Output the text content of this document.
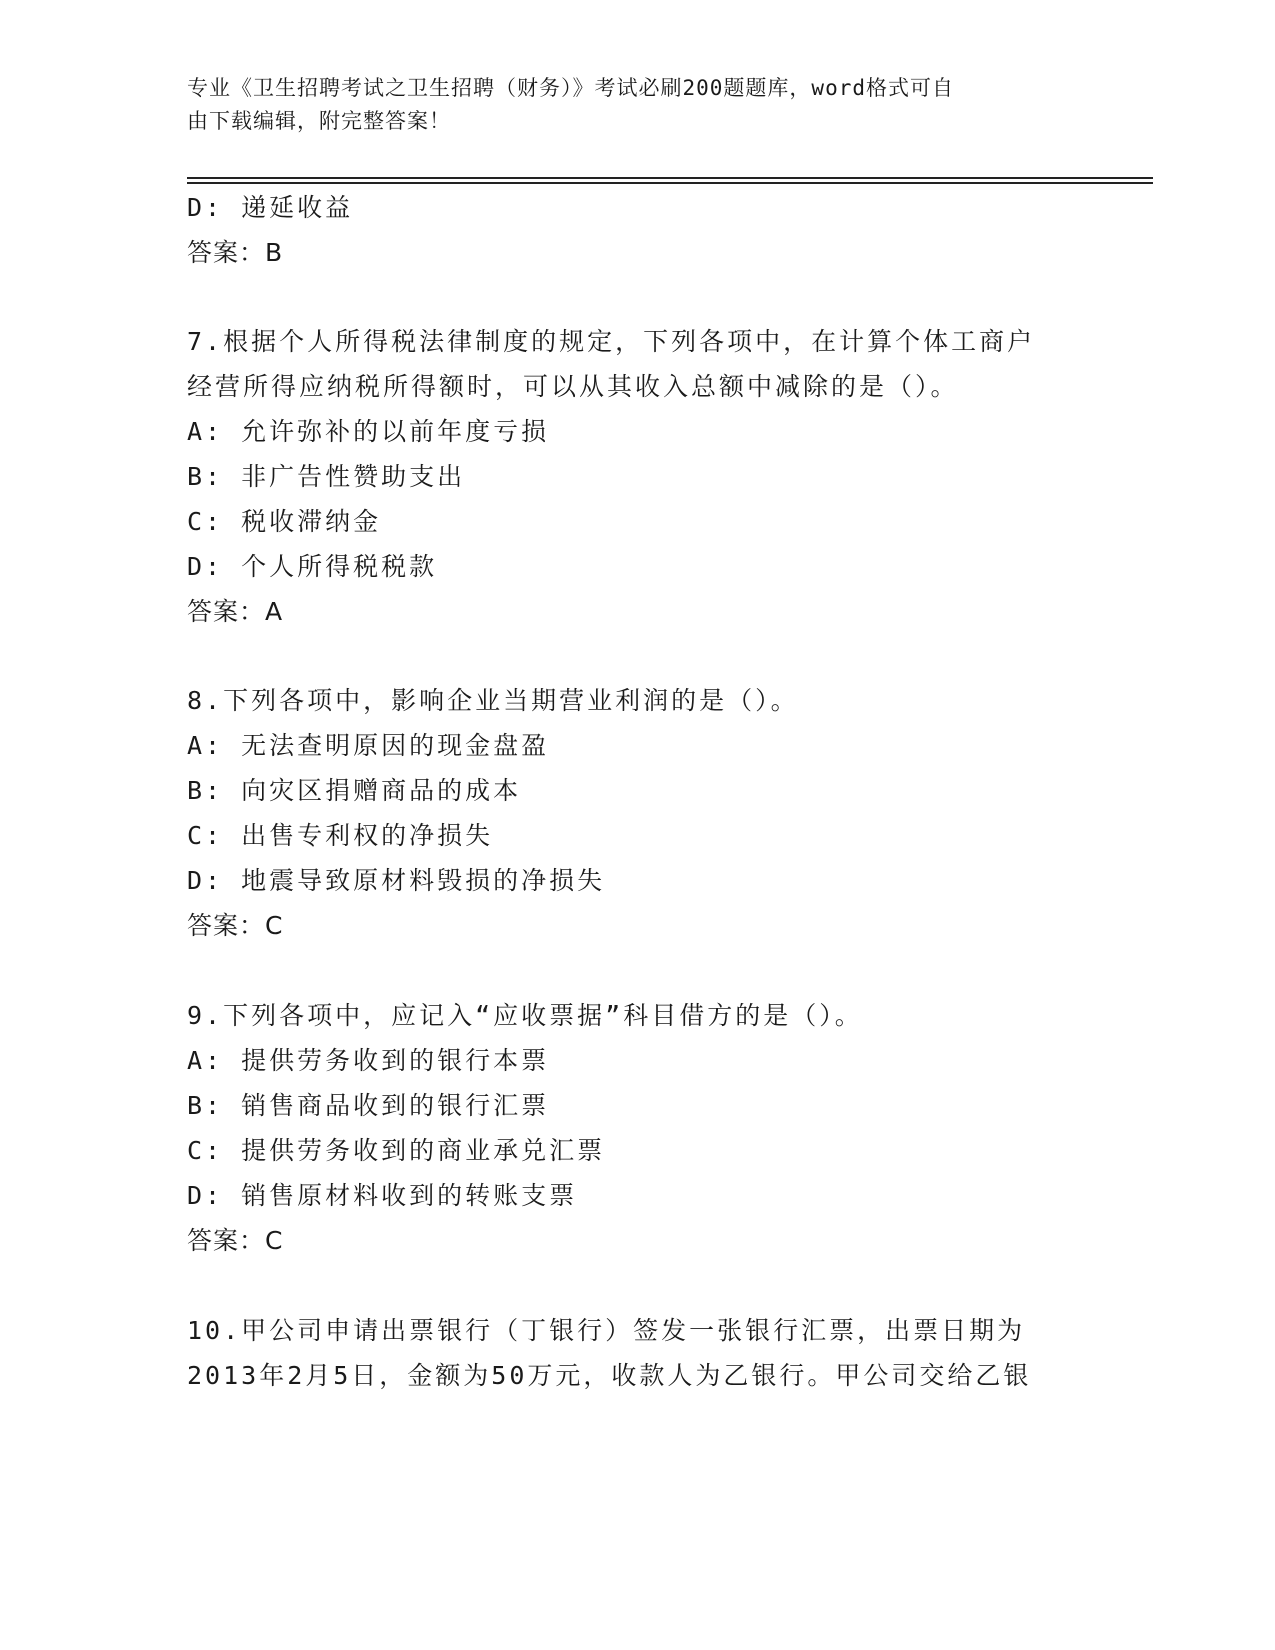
专业《卫生招聘考试之卫生招聘（财务）》考试必刷200题题库，word格式可自
由下载编辑，附完整答案！
D: 递延收益
答案：B
7.根据个人所得税法律制度的规定，下列各项中，在计算个体工商户
经营所得应纳税所得额时，可以从其收入总额中减除的是（）。
A: 允许弥补的以前年度亏损
B: 非广告性赞助支出
C: 税收滞纳金
D: 个人所得税税款
答案：A
8.下列各项中，影响企业当期营业利润的是（）。
A: 无法查明原因的现金盘盈
B: 向灾区捐赠商品的成本
C: 出售专利权的净损失
D: 地震导致原材料毁损的净损失
答案：C
9.下列各项中，应记入“应收票据”科目借方的是（）。
A: 提供劳务收到的银行本票
B: 销售商品收到的银行汇票
C: 提供劳务收到的商业承兑汇票
D: 销售原材料收到的转账支票
答案：C
10.甲公司申请出票银行（丁银行）签发一张银行汇票，出票日期为
2013年2月5日，金额为50万元，收款人为乙银行。甲公司交给乙银
